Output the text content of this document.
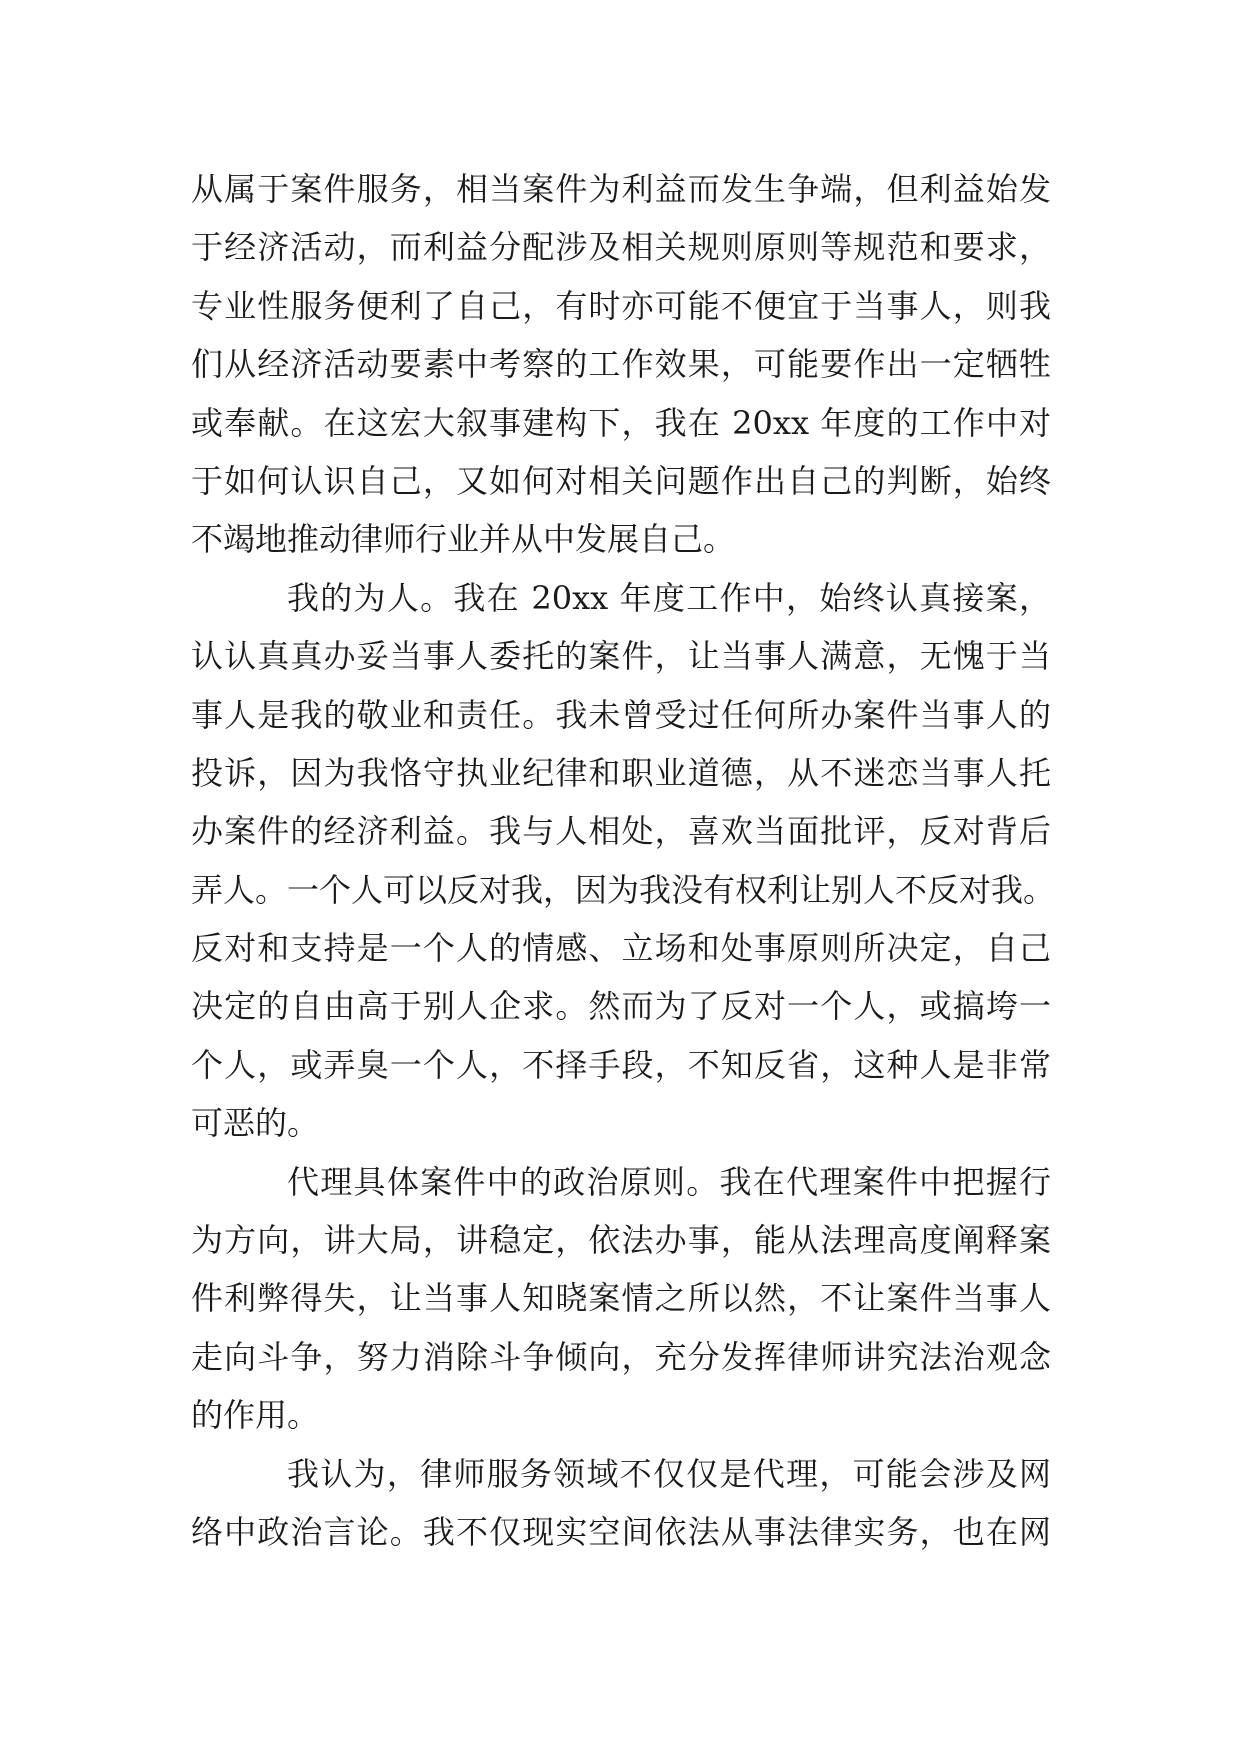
从属于案件服务，相当案件为利益而发生争端，但利益始发
于经济活动，而利益分配涉及相关规则原则等规范和要求，
专业性服务便利了自己，有时亦可能不便宜于当事人，则我
们从经济活动要素中考察的工作效果，可能要作出一定牺牲
或奉献。在这宏大叙事建构下，我在 20xx 年度的工作中对
于如何认识自己，又如何对相关问题作出自己的判断，始终
不竭地推动律师行业并从中发展自己。
我的为人。我在 20xx 年度工作中，始终认真接案，
认认真真办妥当事人委托的案件，让当事人满意，无愧于当
事人是我的敬业和责任。我未曾受过任何所办案件当事人的
投诉，因为我恪守执业纪律和职业道德，从不迷恋当事人托
办案件的经济利益。我与人相处，喜欢当面批评，反对背后
弄人。一个人可以反对我，因为我没有权利让别人不反对我。
反对和支持是一个人的情感、立场和处事原则所决定，自己
决定的自由高于别人企求。然而为了反对一个人，或搞垮一
个人，或弄臭一个人，不择手段，不知反省，这种人是非常
可恶的。
代理具体案件中的政治原则。我在代理案件中把握行
为方向，讲大局，讲稳定，依法办事，能从法理高度阐释案
件利弊得失，让当事人知晓案情之所以然，不让案件当事人
走向斗争，努力消除斗争倾向，充分发挥律师讲究法治观念
的作用。
我认为，律师服务领域不仅仅是代理，可能会涉及网
络中政治言论。我不仅现实空间依法从事法律实务，也在网
